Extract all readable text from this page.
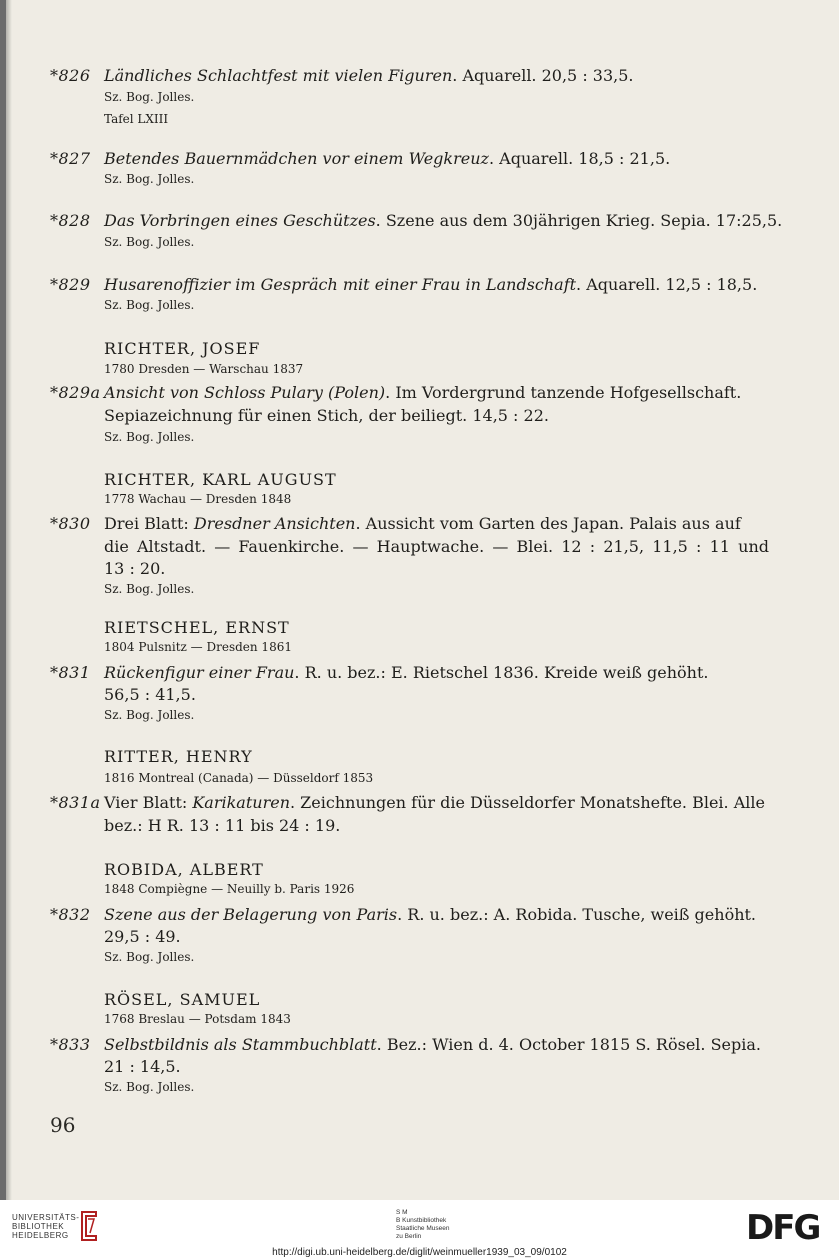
*826 Ländliches Schlachtfest mit vielen Figuren. Aquarell. 20,5 : 33,5.
Sz. Bog. Jolles.
Tafel LXIII
*827 Betendes Bauernmädchen vor einem Wegkreuz. Aquarell. 18,5 : 21,5.
Sz. Bog. Jolles.
*828 Das Vorbringen eines Geschützes. Szene aus dem 30jährigen Krieg. Sepia. 17:25,5.
Sz. Bog. Jolles.
*829 Husarenoffizier im Gespräch mit einer Frau in Landschaft. Aquarell. 12,5 : 18,5.
Sz. Bog. Jolles.
RICHTER, JOSEF
1780 Dresden — Warschau 1837
*829a Ansicht von Schloss Pulary (Polen). Im Vordergrund tanzende Hofgesellschaft.
Sepiazeichnung für einen Stich, der beiliegt. 14,5 : 22.
Sz. Bog. Jolles.
RICHTER, KARL AUGUST
1778 Wachau — Dresden 1848
*830 Drei Blatt: Dresdner Ansichten. Aussicht vom Garten des Japan. Palais aus auf
die Altstadt. — Fauenkirche. — Hauptwache. — Blei. 12 : 21,5, 11,5 : 11 und
13 : 20.
Sz. Bog. Jolles.
RIETSCHEL, ERNST
1804 Pulsnitz — Dresden 1861
*831 Rückenfigur einer Frau. R. u. bez.: E. Rietschel 1836. Kreide weiß gehöht.
56,5 : 41,5.
Sz. Bog. Jolles.
RITTER, HENRY
1816 Montreal (Canada) — Düsseldorf 1853
*831a Vier Blatt: Karikaturen. Zeichnungen für die Düsseldorfer Monatshefte. Blei. Alle
bez.: H R. 13 : 11 bis 24 : 19.
ROBIDA, ALBERT
1848 Compiègne — Neuilly b. Paris 1926
*832 Szene aus der Belagerung von Paris. R. u. bez.: A. Robida. Tusche, weiß gehöht.
29,5 : 49.
Sz. Bog. Jolles.
RÖSEL, SAMUEL
1768 Breslau — Potsdam 1843
*833 Selbstbildnis als Stammbuchblatt. Bez.: Wien d. 4. October 1815 S. Rösel. Sepia.
21 : 14,5.
Sz. Bog. Jolles.
96
UNIVERSITÄTS-
BIBLIOTHEK
HEIDELBERG
S M
B Kunstbibliothek
Staatliche Museen
zu Berlin	DFG
http://digi.ub.uni-heidelberg.de/diglit/weinmueller1939_03_09/0102
